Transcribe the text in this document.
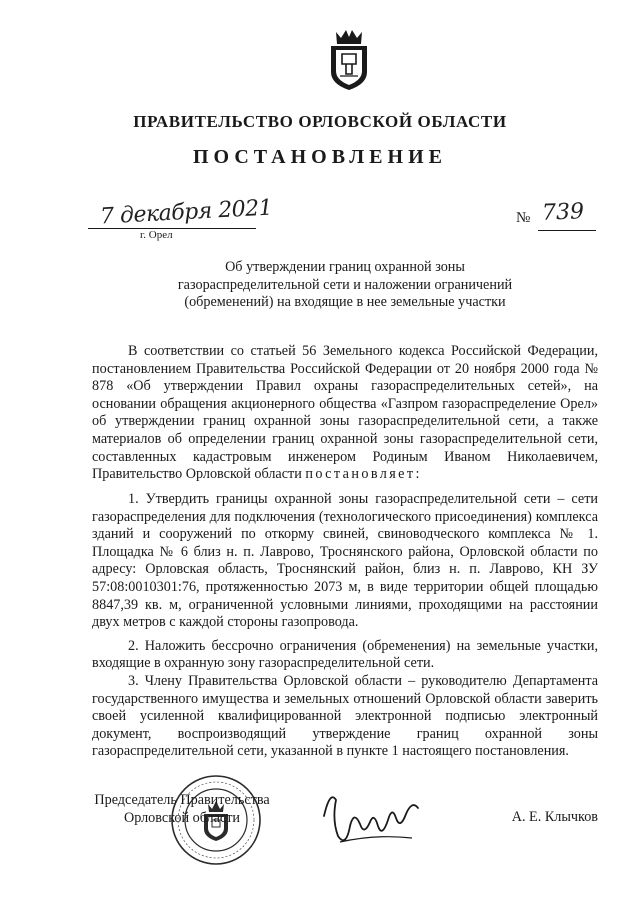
ПРАВИТЕЛЬСТВО ОРЛОВСКОЙ ОБЛАСТИ
ПОСТАНОВЛЕНИЕ
7 декабря 2021
г. Орел
№ 739
Об утверждении границ охранной зоны
газораспределительной сети и наложении ограничений
(обременений) на входящие в нее земельные участки

В соответствии со статьей 56 Земельного кодекса Российской Федерации, постановлением Правительства Российской Федерации от 20 ноября 2000 года № 878 «Об утверждении Правил охраны газораспределительных сетей», на основании обращения акционерного общества «Газпром газораспределение Орел» об утверждении границ охранной зоны газораспределительной сети, а также материалов об определении границ охранной зоны газораспределительной сети, составленных кадастровым инженером Родиным Иваном Николаевичем, Правительство Орловской области постановляет:

1. Утвердить границы охранной зоны газораспределительной сети – сети газораспределения для подключения (технологического присоединения) комплекса зданий и сооружений по откорму свиней, свиноводческого комплекса № 1. Площадка № 6 близ н. п. Лаврово, Троснянского района, Орловской области по адресу: Орловская область, Троснянский район, близ н. п. Лаврово, КН ЗУ 57:08:0010301:76, протяженностью 2073 м, в виде территории общей площадью 8847,39 кв. м, ограниченной условными линиями, проходящими на расстоянии двух метров с каждой стороны газопровода.

2. Наложить бессрочно ограничения (обременения) на земельные участки, входящие в охранную зону газораспределительной сети.

3. Члену Правительства Орловской области – руководителю Департамента государственного имущества и земельных отношений Орловской области заверить своей усиленной квалифицированной электронной подписью электронный документ, воспроизводящий утверждение границ охранной зоны газораспределительной сети, указанной в пункте 1 настоящего постановления.

Председатель Правительства
Орловской области	А. Е. Клычков
